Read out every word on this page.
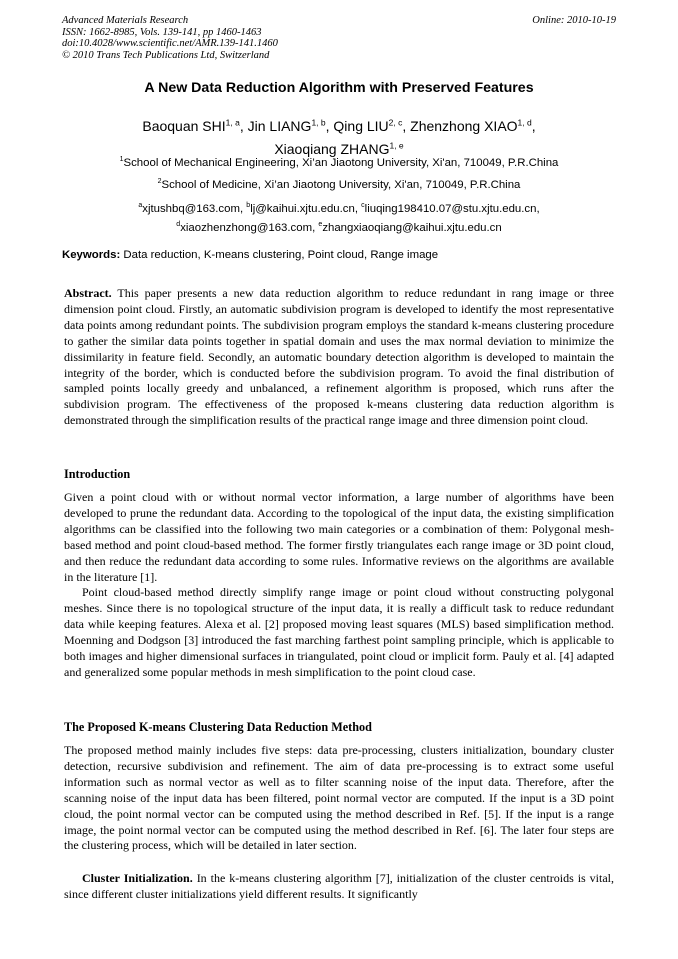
Advanced Materials Research
ISSN: 1662-8985, Vols. 139-141, pp 1460-1463
doi:10.4028/www.scientific.net/AMR.139-141.1460
© 2010 Trans Tech Publications Ltd, Switzerland
Online: 2010-10-19
A New Data Reduction Algorithm with Preserved Features
Baoquan SHI$^{1, a}$, Jin LIANG$^{1, b}$, Qing LIU$^{2, c}$, Zhenzhong XIAO$^{1, d}$,
Xiaoqiang ZHANG$^{1, e}$
$^1$School of Mechanical Engineering, Xi’an Jiaotong University, Xi'an, 710049, P.R.China
$^2$School of Medicine, Xi’an Jiaotong University, Xi'an, 710049, P.R.China
$^a$xjtushbq@163.com, $^b$lj@kaihui.xjtu.edu.cn, $^c$liuqing198410.07@stu.xjtu.edu.cn,
$^d$xiaozhenzhong@163.com, $^e$zhangxiaoqiang@kaihui.xjtu.edu.cn
Keywords: Data reduction, K-means clustering, Point cloud, Range image
Abstract. This paper presents a new data reduction algorithm to reduce redundant in rang image or three dimension point cloud. Firstly, an automatic subdivision program is developed to identify the most representative data points among redundant points. The subdivision program employs the standard k-means clustering procedure to gather the similar data points together in spatial domain and uses the max normal deviation to minimize the dissimilarity in feature field. Secondly, an automatic boundary detection algorithm is developed to maintain the integrity of the border, which is conducted before the subdivision program. To avoid the final distribution of sampled points locally greedy and unbalanced, a refinement algorithm is proposed, which runs after the subdivision program. The effectiveness of the proposed k-means clustering data reduction algorithm is demonstrated through the simplification results of the practical range image and three dimension point cloud.
Introduction
Given a point cloud with or without normal vector information, a large number of algorithms have been developed to prune the redundant data. According to the topological of the input data, the existing simplification algorithms can be classified into the following two main categories or a combination of them: Polygonal mesh-based method and point cloud-based method. The former firstly triangulates each range image or 3D point cloud, and then reduce the redundant data according to some rules. Informative reviews on the algorithms are available in the literature [1].
Point cloud-based method directly simplify range image or point cloud without constructing polygonal meshes. Since there is no topological structure of the input data, it is really a difficult task to reduce redundant data while keeping features. Alexa et al. [2] proposed moving least squares (MLS) based simplification method. Moenning and Dodgson [3] introduced the fast marching farthest point sampling principle, which is applicable to both images and higher dimensional surfaces in triangulated, point cloud or implicit form. Pauly et al. [4] adapted and generalized some popular methods in mesh simplification to the point cloud case.
The Proposed K-means Clustering Data Reduction Method
The proposed method mainly includes five steps: data pre-processing, clusters initialization, boundary cluster detection, recursive subdivision and refinement. The aim of data pre-processing is to extract some useful information such as normal vector as well as to filter scanning noise of the input data. Therefore, after the scanning noise of the input data has been filtered, point normal vector are computed. If the input is a 3D point cloud, the point normal vector can be computed using the method described in Ref. [5]. If the input is a range image, the point normal vector can be computed using the method described in Ref. [6]. The later four steps are the clustering process, which will be detailed in later section.
Cluster Initialization. In the k-means clustering algorithm [7], initialization of the cluster centroids is vital, since different cluster initializations yield different results. It significantly
